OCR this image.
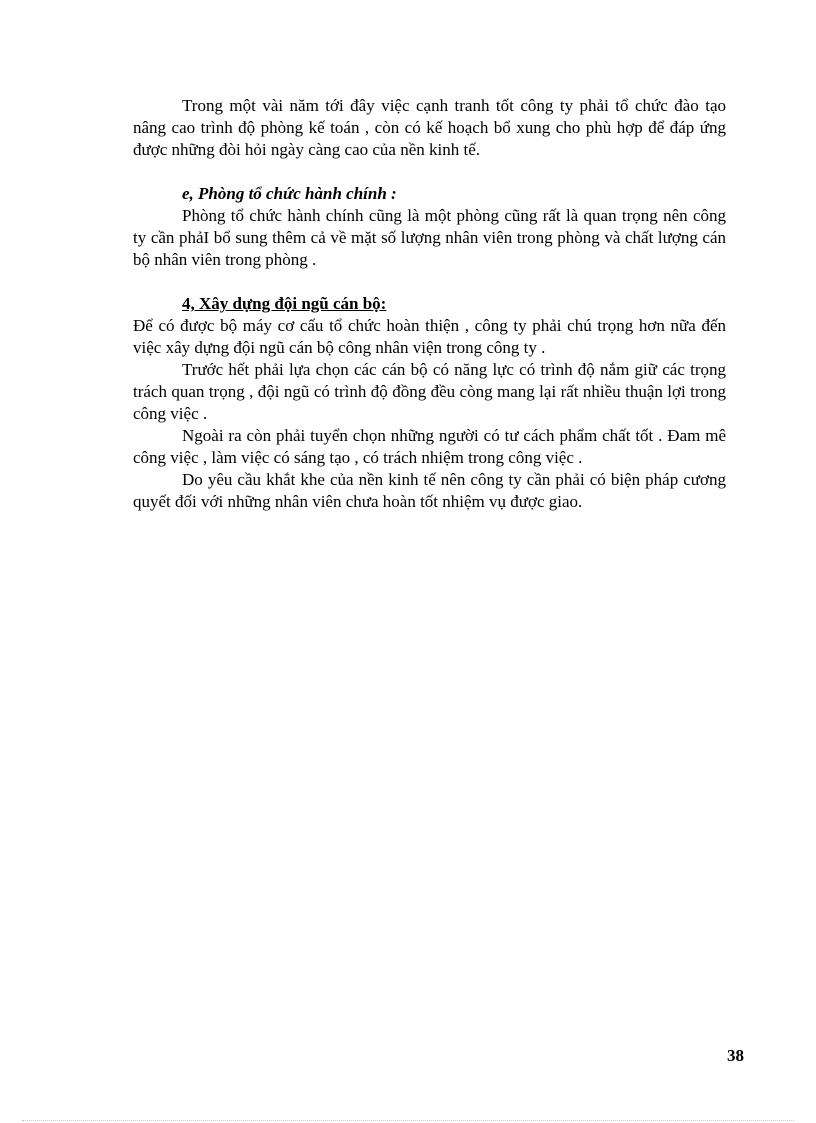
Trong một vài năm tới đây việc cạnh tranh tốt công ty phải tổ chức đào tạo nâng cao trình độ phòng kế toán , còn có kế hoạch bổ xung cho phù hợp để đáp ứng được những đòi hỏi ngày càng cao của nền kinh tế.

e, Phòng tổ chức hành chính :

Phòng tổ chức hành chính cũng là một phòng cũng rất là quan trọng nên công ty cần phảI bổ sung thêm cả về mặt số lượng nhân viên trong phòng và chất lượng cán bộ nhân viên trong phòng .

4, Xây dựng đội ngũ cán bộ:

Để có được bộ máy cơ cấu tổ chức hoàn thiện , công ty phải chú trọng hơn nữa đến việc xây dựng đội ngũ cán bộ công nhân viện trong công ty .

Trước hết phải lựa chọn các cán bộ có năng lực có trình độ nắm giữ các trọng trách quan trọng , đội ngũ có trình độ đồng đều còng mang lại rất nhiều thuận lợi trong công việc .

Ngoài ra còn phải tuyển chọn những người có tư cách phẩm chất tốt . Đam mê công việc , làm việc có sáng tạo , có trách nhiệm trong công việc .

Do yêu cầu khắt khe của nền kinh tế nên công ty cần phải có biện pháp cương quyết đối với những nhân viên chưa hoàn tốt nhiệm vụ được giao.

38
